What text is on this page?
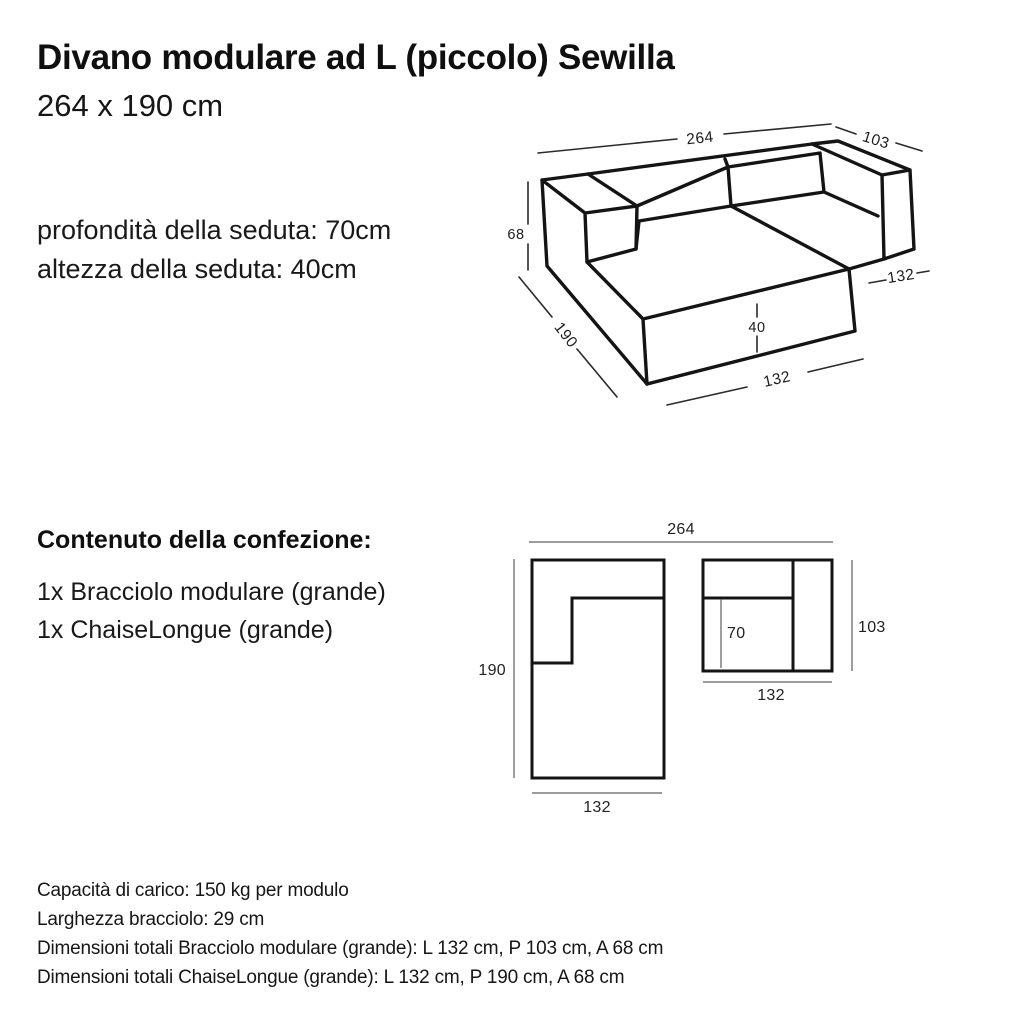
Divano modulare ad L (piccolo) Sewilla
264 x 190 cm
profondità della seduta: 70cm
altezza della seduta: 40cm
Contenuto della confezione:
1x Bracciolo modulare (grande)
1x ChaiseLongue (grande)
Capacità di carico: 150 kg per modulo
Larghezza bracciolo: 29 cm
Dimensioni totali Bracciolo modulare (grande): L 132 cm, P 103 cm, A 68 cm
Dimensioni totali ChaiseLongue (grande): L 132 cm, P 190 cm, A 68 cm
264	103
68
190	40
132
132
264
190
132
70	103
132
